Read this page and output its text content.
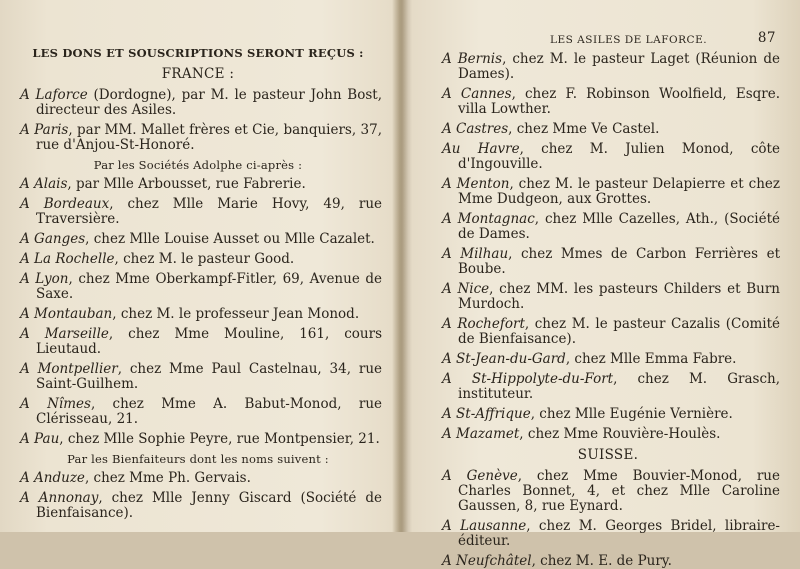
LES DONS ET SOUSCRIPTIONS SERONT REÇUS :
FRANCE :

A Laforce (Dordogne), par M. le pasteur John Bost, directeur des Asiles.

A Paris, par MM. Mallet frères et Cie, banquiers, 37, rue d'Anjou-St-Honoré.

Par les Sociétés Adolphe ci-après :

A Alais, par Mlle Arbousset, rue Fabrerie.

A Bordeaux, chez Mlle Marie Hovy, 49, rue Traversière.

A Ganges, chez Mlle Louise Ausset ou Mlle Cazalet.

A La Rochelle, chez M. le pasteur Good.

A Lyon, chez Mme Oberkampf-Fitler, 69, Avenue de Saxe.

A Montauban, chez M. le professeur Jean Monod.

A Marseille, chez Mme Mouline, 161, cours Lieutaud.

A Montpellier, chez Mme Paul Castelnau, 34, rue Saint-Guilhem.

A Nîmes, chez Mme A. Babut-Monod, rue Clérisseau, 21.

A Pau, chez Mlle Sophie Peyre, rue Montpensier, 21.

Par les Bienfaiteurs dont les noms suivent :

A Anduze, chez Mme Ph. Gervais.

A Annonay, chez Mlle Jenny Giscard (Société de Bienfaisance).

LES ASILES DE LAFORCE.	87

A Bernis, chez M. le pasteur Laget (Réunion de Dames).

A Cannes, chez F. Robinson Woolfield, Esqre. villa Lowther.

A Castres, chez Mme Ve Castel.

Au Havre, chez M. Julien Monod, côte d'Ingouville.

A Menton, chez M. le pasteur Delapierre et chez Mme Dudgeon, aux Grottes.

A Montagnac, chez Mlle Cazelles, Ath., (Société de Dames.

A Milhau, chez Mmes de Carbon Ferrières et Boube.

A Nice, chez MM. les pasteurs Childers et Burn Murdoch.

A Rochefort, chez M. le pasteur Cazalis (Comité de Bienfaisance).

A St-Jean-du-Gard, chez Mlle Emma Fabre.

A St-Hippolyte-du-Fort, chez M. Grasch, instituteur.

A St-Affrique, chez Mlle Eugénie Vernière.

A Mazamet, chez Mme Rouvière-Houlès.

SUISSE.

A Genève, chez Mme Bouvier-Monod, rue Charles Bonnet, 4, et chez Mlle Caroline Gaussen, 8, rue Eynard.

A Lausanne, chez M. Georges Bridel, libraire-éditeur.

A Neufchâtel, chez M. E. de Pury.
